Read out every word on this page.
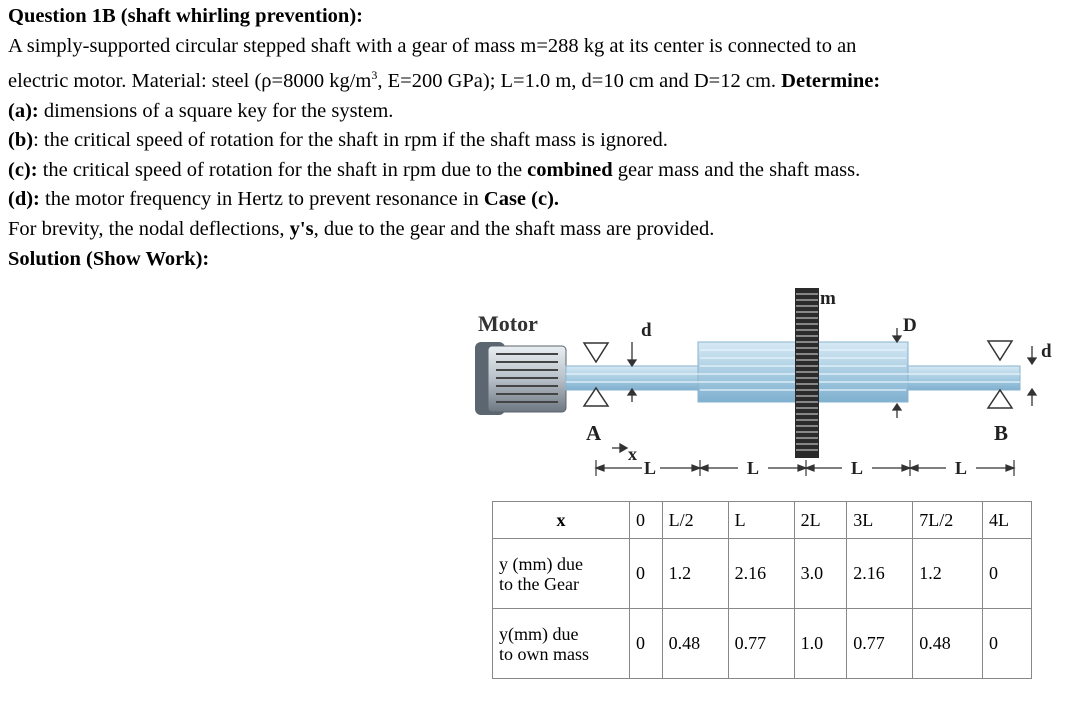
Question 1B (shaft whirling prevention):
A simply-supported circular stepped shaft with a gear of mass m=288 kg at its center is connected to an
electric motor. Material: steel (ρ=8000 $kg/m^3$, E=200 GPa); L=1.0 m, d=10 cm and D=12 cm. Determine:
(a): dimensions of a square key for the system.
(b): the critical speed of rotation for the shaft in rpm if the shaft mass is ignored.
(c): the critical speed of rotation for the shaft in rpm due to the combined gear mass and the shaft mass.
(d): the motor frequency in Hertz to prevent resonance in Case (c).
For brevity, the nodal deflections, y's, due to the gear and the shaft mass are provided.
Solution (Show Work):
Motor
A	B
m
d	D
d
x
L	L	L	L
x	0	L/2	L	2L	3L	7L/2	4L
y (mm) due
to the Gear	0	1.2	2.16	3.0	2.16	1.2	0
y(mm) due
to own mass	0	0.48	0.77	1.0	0.77	0.48	0
